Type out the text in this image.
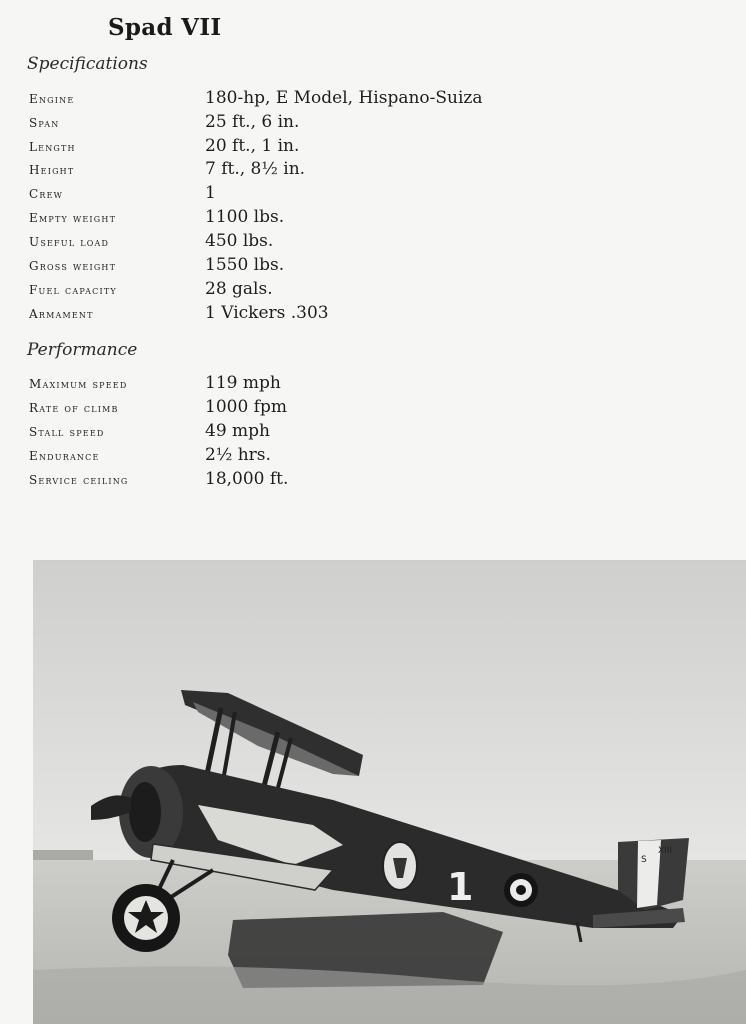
Spad VII
Specifications
Engine	180-hp, E Model, Hispano-Suiza
Span	25 ft., 6 in.
Length	20 ft., 1 in.
Height	7 ft., 8½ in.
Crew	1
Empty weight	1100 lbs.
Useful load	450 lbs.
Gross weight	1550 lbs.
Fuel capacity	28 gals.
Armament	1 Vickers .303
Performance
Maximum speed	119 mph
Rate of climb	1000 fpm
Stall speed	49 mph
Endurance	2½ hrs.
Service ceiling	18,000 ft.
1
S
XIII
